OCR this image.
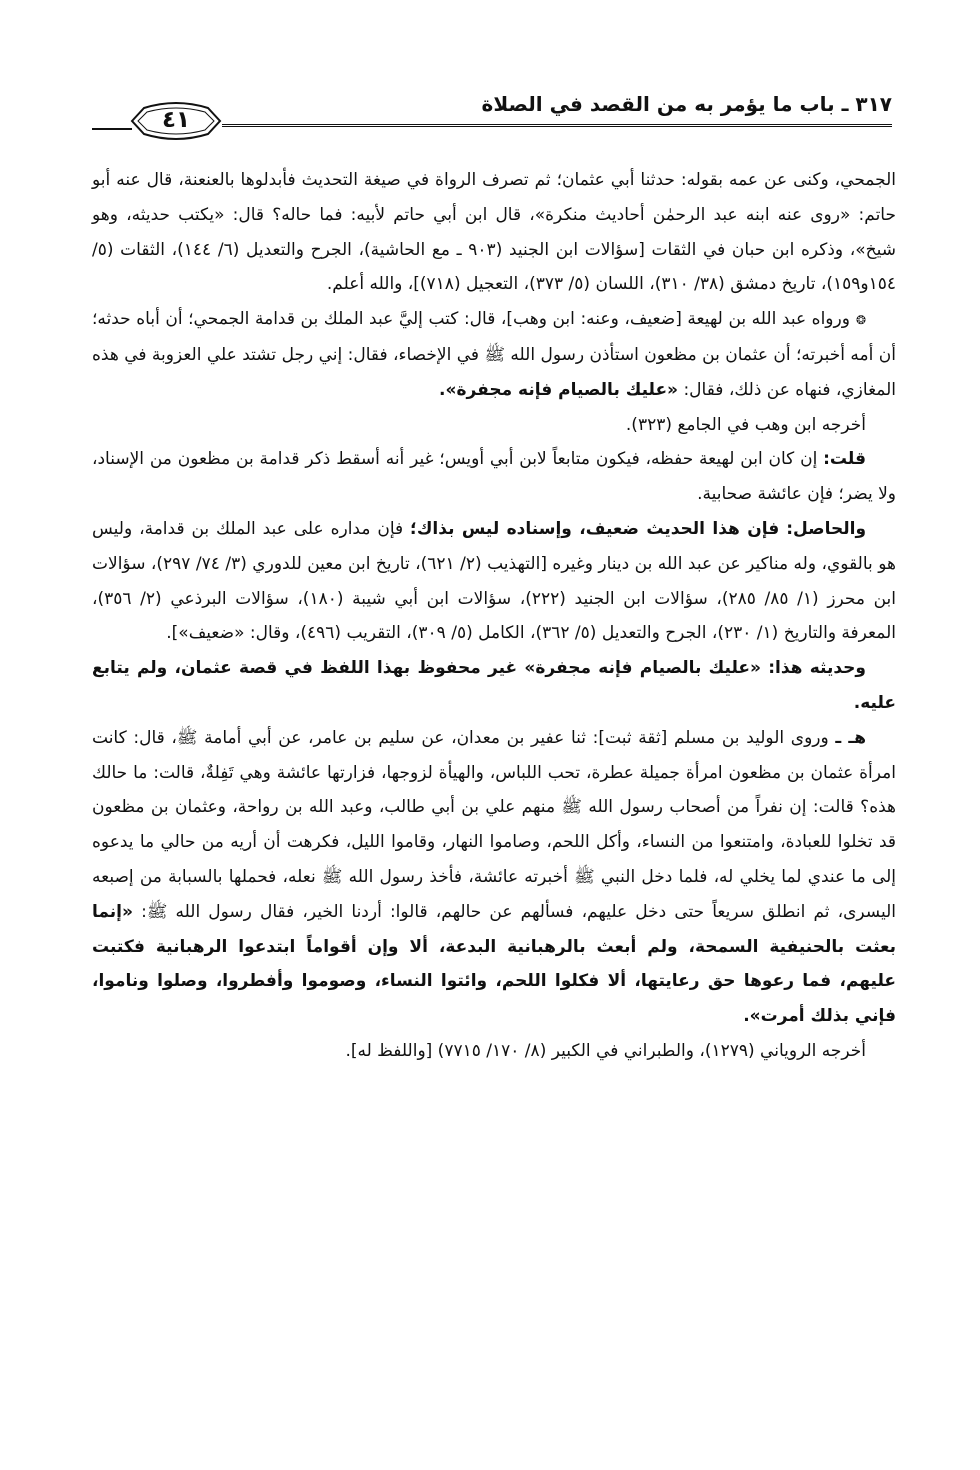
٣١٧ ـ باب ما يؤمر به من القصد في الصلاة
٤١

الجمحي، وكنى عن عمه بقوله: حدثنا أبي عثمان؛ ثم تصرف الرواة في صيغة التحديث فأبدلوها بالعنعنة، قال عنه أبو حاتم: «روى عنه ابنه عبد الرحمٰن أحاديث منكرة»، قال ابن أبي حاتم لأبيه: فما حاله؟ قال: «يكتب حديثه، وهو شيخ»، وذكره ابن حبان في الثقات [سؤالات ابن الجنيد (٩٠٣ ـ مع الحاشية)، الجرح والتعديل (٦/ ١٤٤)، الثقات (٥/ ١٥٤و١٥٩)، تاريخ دمشق (٣٨/ ٣١٠)، اللسان (٥/ ٣٧٣)، التعجيل (٧١٨)]، والله أعلم.

❂ورواه عبد الله بن لهيعة [ضعيف، وعنه: ابن وهب]، قال: كتب إليَّ عبد الملك بن قدامة الجمحي؛ أن أباه حدثه؛ أن أمه أخبرته؛ أن عثمان بن مظعون استأذن رسول الله ﷺ في الإخصاء، فقال: إني رجل تشتد علي العزوبة في هذه المغازي، فنهاه عن ذلك، فقال: «عليك بالصيام فإنه مجفرة».

أخرجه ابن وهب في الجامع (٣٢٣).

قلت: إن كان ابن لهيعة حفظه، فيكون متابعاً لابن أبي أويس؛ غير أنه أسقط ذكر قدامة بن مظعون من الإسناد، ولا يضر؛ فإن عائشة صحابية.

والحاصل: فإن هذا الحديث ضعيف، وإسناده ليس بذاك؛ فإن مداره على عبد الملك بن قدامة، وليس هو بالقوي، وله مناكير عن عبد الله بن دينار وغيره [التهذيب (٢/ ٦٢١)، تاريخ ابن معين للدوري (٣/ ٧٤/ ٢٩٧)، سؤالات ابن محرز (١/ ٨٥/ ٢٨٥)، سؤالات ابن الجنيد (٢٢٢)، سؤالات ابن أبي شيبة (١٨٠)، سؤالات البرذعي (٢/ ٣٥٦)، المعرفة والتاريخ (١/ ٢٣٠)، الجرح والتعديل (٥/ ٣٦٢)، الكامل (٥/ ٣٠٩)، التقريب (٤٩٦)، وقال: «ضعيف»].

وحديثه هذا: «عليك بالصيام فإنه مجفرة» غير محفوظ بهذا اللفظ في قصة عثمان، ولم يتابع عليه.

هـ ـ وروى الوليد بن مسلم [ثقة ثبت]: ثنا عفير بن معدان، عن سليم بن عامر، عن أبي أمامة ﷺ، قال: كانت امرأة عثمان بن مظعون امرأة جميلة عطرة، تحب اللباس، والهيأة لزوجها، فزارتها عائشة وهي تَفِلةٌ، قالت: ما حالك هذه؟ قالت: إن نفراً من أصحاب رسول الله ﷺ منهم علي بن أبي طالب، وعبد الله بن رواحة، وعثمان بن مظعون قد تخلوا للعبادة، وامتنعوا من النساء، وأكل اللحم، وصاموا النهار، وقاموا الليل، فكرهت أن أريه من حالي ما يدعوه إلى ما عندي لما يخلي له، فلما دخل النبي ﷺ أخبرته عائشة، فأخذ رسول الله ﷺ نعله، فحملها بالسبابة من إصبعه اليسرى، ثم انطلق سريعاً حتى دخل عليهم، فسألهم عن حالهم، قالوا: أردنا الخير، فقال رسول الله ﷺ: «إنما بعثت بالحنيفية السمحة، ولم أبعث بالرهبانية البدعة، ألا وإن أقواماً ابتدعوا الرهبانية فكتبت عليهم، فما رعوها حق رعايتها، ألا فكلوا اللحم، وائتوا النساء، وصوموا وأفطروا، وصلوا وناموا، فإني بذلك أمرت».

أخرجه الروياني (١٢٧٩)، والطبراني في الكبير (٨/ ١٧٠/ ٧٧١٥) [واللفظ له].
